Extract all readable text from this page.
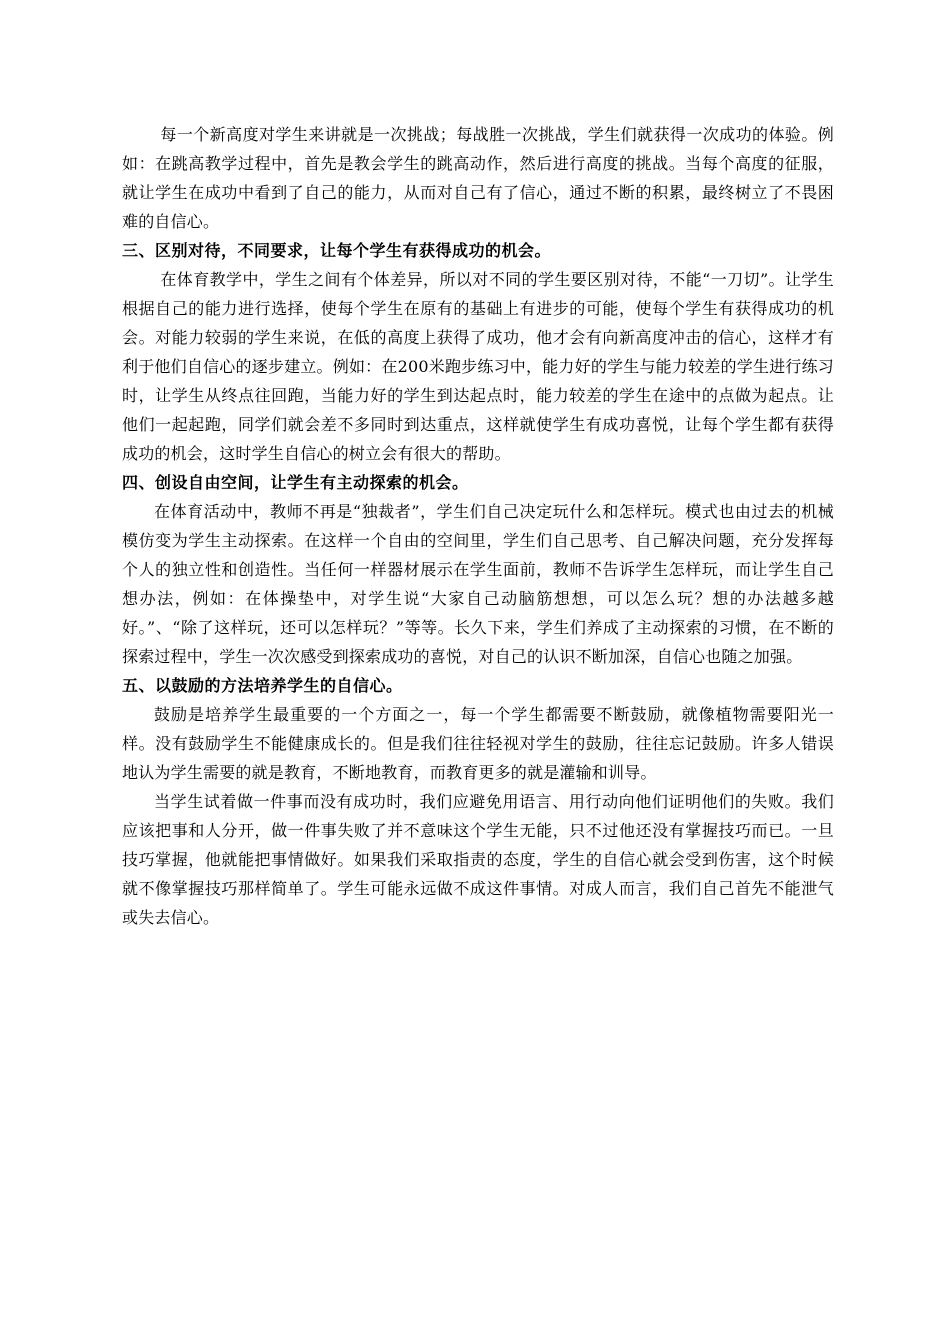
每一个新高度对学生来讲就是一次挑战；每战胜一次挑战，学生们就获得一次成功的体验。例如：在跳高教学过程中，首先是教会学生的跳高动作，然后进行高度的挑战。当每个高度的征服，就让学生在成功中看到了自己的能力，从而对自己有了信心，通过不断的积累，最终树立了不畏困难的自信心。

三、区别对待，不同要求，让每个学生有获得成功的机会。

在体育教学中，学生之间有个体差异，所以对不同的学生要区别对待，不能“一刀切”。让学生根据自己的能力进行选择，使每个学生在原有的基础上有进步的可能，使每个学生有获得成功的机会。对能力较弱的学生来说，在低的高度上获得了成功，他才会有向新高度冲击的信心，这样才有利于他们自信心的逐步建立。例如：在200米跑步练习中，能力好的学生与能力较差的学生进行练习时，让学生从终点往回跑，当能力好的学生到达起点时，能力较差的学生在途中的点做为起点。让他们一起起跑，同学们就会差不多同时到达重点，这样就使学生有成功喜悦，让每个学生都有获得成功的机会，这时学生自信心的树立会有很大的帮助。

四、创设自由空间，让学生有主动探索的机会。

在体育活动中，教师不再是“独裁者”，学生们自己决定玩什么和怎样玩。模式也由过去的机械模仿变为学生主动探索。在这样一个自由的空间里，学生们自己思考、自己解决问题，充分发挥每个人的独立性和创造性。当任何一样器材展示在学生面前，教师不告诉学生怎样玩，而让学生自己想办法，例如：在体操垫中，对学生说“大家自己动脑筋想想，可以怎么玩？想的办法越多越好。”、“除了这样玩，还可以怎样玩？”等等。长久下来，学生们养成了主动探索的习惯，在不断的探索过程中，学生一次次感受到探索成功的喜悦，对自己的认识不断加深，自信心也随之加强。

五、以鼓励的方法培养学生的自信心。

鼓励是培养学生最重要的一个方面之一，每一个学生都需要不断鼓励，就像植物需要阳光一样。没有鼓励学生不能健康成长的。但是我们往往轻视对学生的鼓励，往往忘记鼓励。许多人错误地认为学生需要的就是教育，不断地教育，而教育更多的就是灌输和训导。

当学生试着做一件事而没有成功时，我们应避免用语言、用行动向他们证明他们的失败。我们应该把事和人分开，做一件事失败了并不意味这个学生无能，只不过他还没有掌握技巧而已。一旦技巧掌握，他就能把事情做好。如果我们采取指责的态度，学生的自信心就会受到伤害，这个时候就不像掌握技巧那样简单了。学生可能永远做不成这件事情。对成人而言，我们自己首先不能泄气或失去信心。
